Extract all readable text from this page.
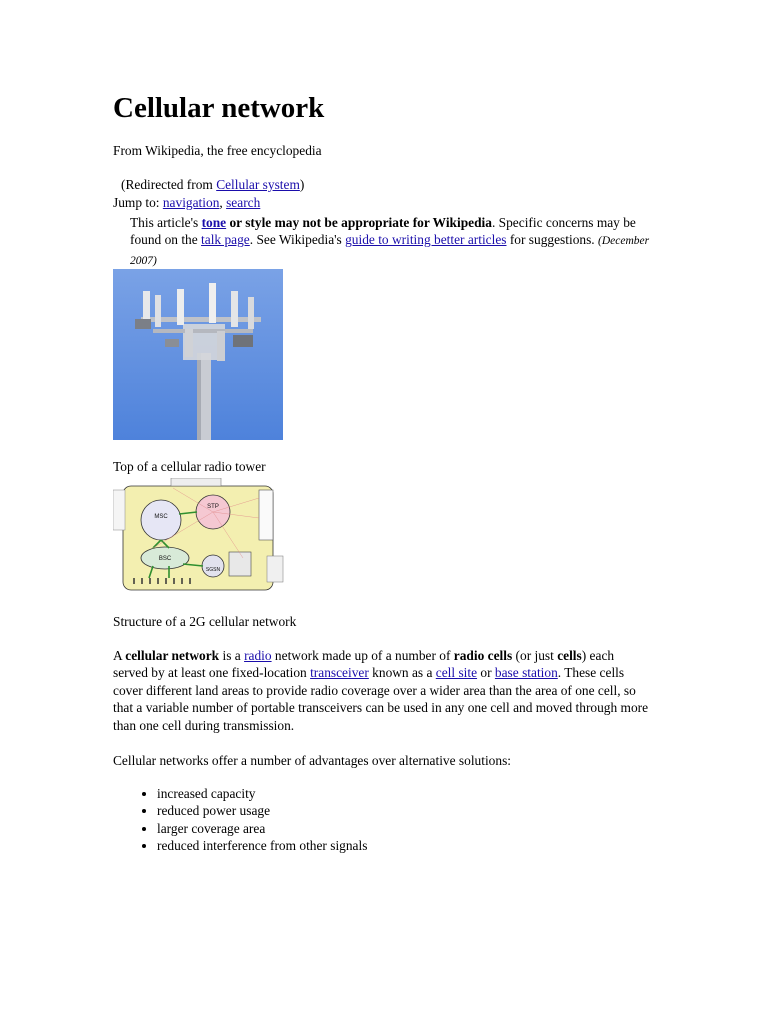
Cellular network
From Wikipedia, the free encyclopedia
(Redirected from Cellular system)
Jump to: navigation, search

This article's tone or style may not be appropriate for Wikipedia. Specific concerns may be found on the talk page. See Wikipedia's guide to writing better articles for suggestions. (December 2007)

Top of a cellular radio tower
MSC
STP
BSC
SGSN
Structure of a 2G cellular network

A cellular network is a radio network made up of a number of radio cells (or just cells) each served by at least one fixed-location transceiver known as a cell site or base station. These cells cover different land areas to provide radio coverage over a wider area than the area of one cell, so that a variable number of portable transceivers can be used in any one cell and moved through more than one cell during transmission.

Cellular networks offer a number of advantages over alternative solutions:
• increased capacity
• reduced power usage
• larger coverage area
• reduced interference from other signals
